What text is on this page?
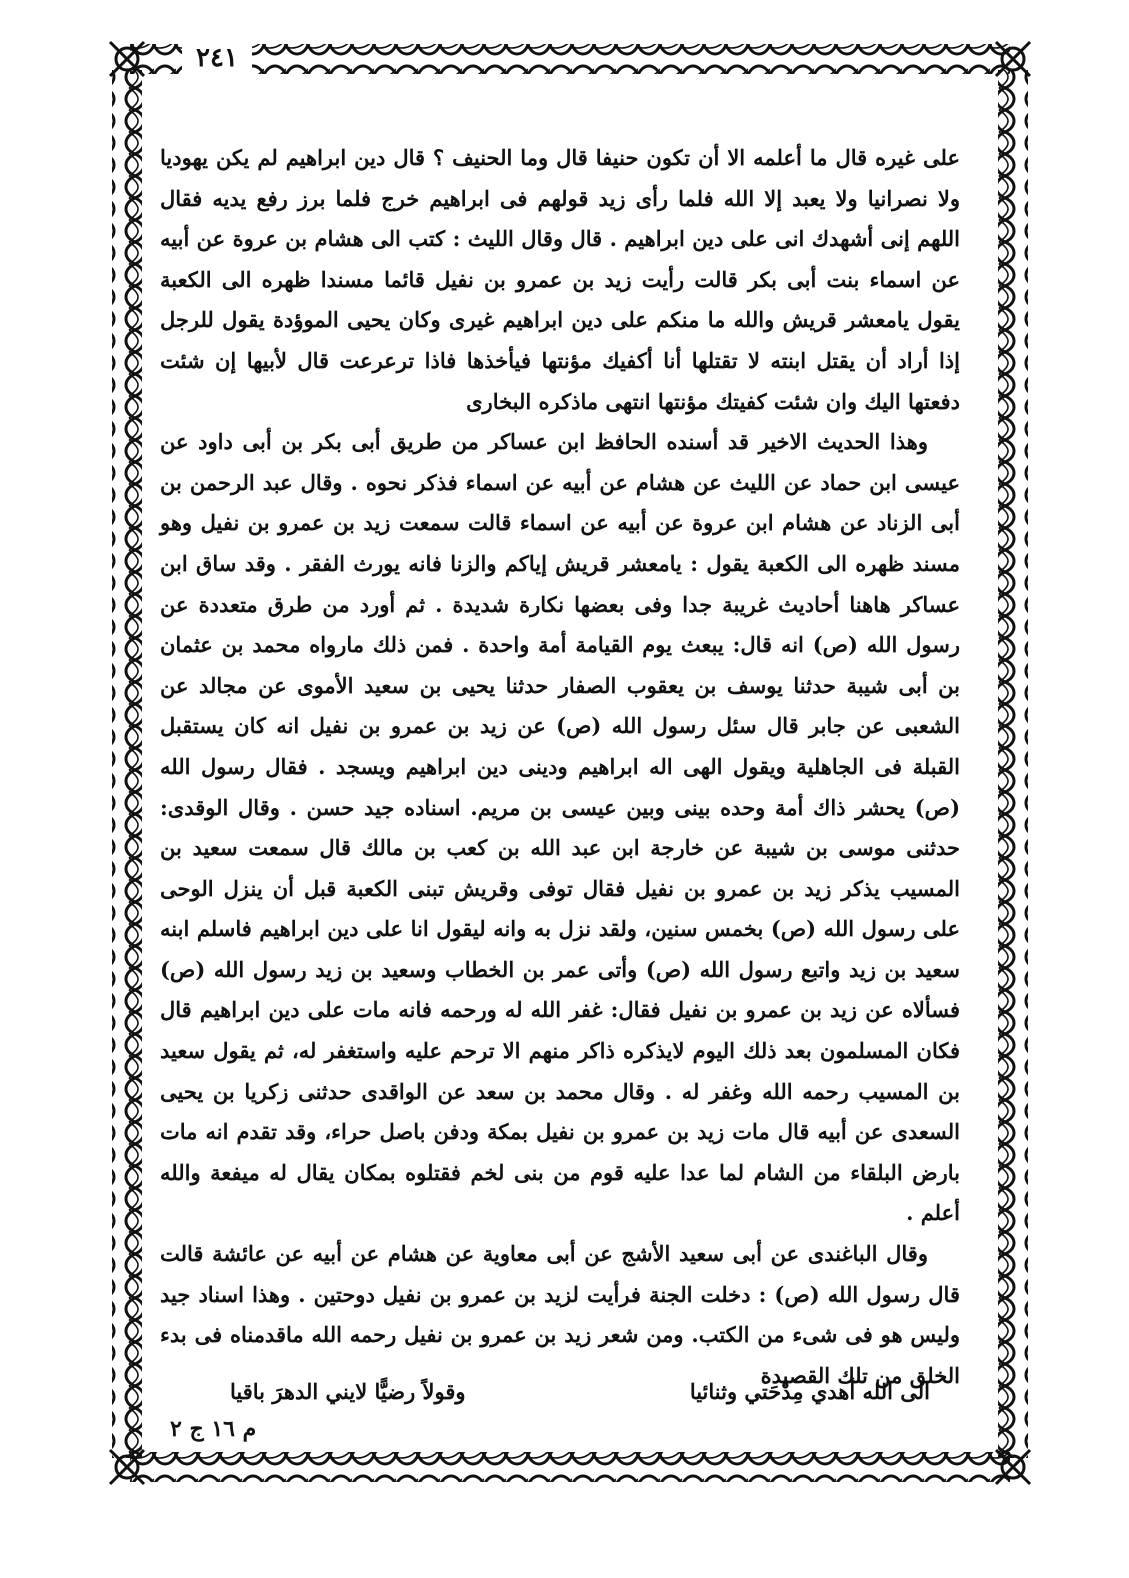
٢٤١

على غيره قال ما أعلمه الا أن تكون حنيفا قال وما الحنيف ؟ قال دين ابراهيم لم يكن يهوديا ولا نصرانيا ولا يعبد إلا الله فلما رأى زيد قولهم فى ابراهيم خرج فلما برز رفع يديه فقال اللهم إنى أشهدك انى على دين ابراهيم . قال وقال الليث : كتب الى هشام بن عروة عن أبيه عن اسماء بنت أبى بكر قالت رأيت زيد بن عمرو بن نفيل قائما مسندا ظهره الى الكعبة يقول يامعشر قريش والله ما منكم على دين ابراهيم غيرى وكان يحيى الموؤدة يقول للرجل إذا أراد أن يقتل ابنته لا تقتلها أنا أكفيك مؤنتها فيأخذها فاذا ترعرعت قال لأبيها إن شئت دفعتها اليك وان شئت كفيتك مؤنتها انتهى ماذكره البخارى

وهذا الحديث الاخير قد أسنده الحافظ ابن عساكر من طريق أبى بكر بن أبى داود عن عيسى ابن حماد عن الليث عن هشام عن أبيه عن اسماء فذكر نحوه . وقال عبد الرحمن بن أبى الزناد عن هشام ابن عروة عن أبيه عن اسماء قالت سمعت زيد بن عمرو بن نفيل وهو مسند ظهره الى الكعبة يقول : يامعشر قريش إياكم والزنا فانه يورث الفقر . وقد ساق ابن عساكر هاهنا أحاديث غريبة جدا وفى بعضها نكارة شديدة . ثم أورد من طرق متعددة عن رسول الله (ص) انه قال: يبعث يوم القيامة أمة واحدة . فمن ذلك مارواه محمد بن عثمان بن أبى شيبة حدثنا يوسف بن يعقوب الصفار حدثنا يحيى بن سعيد الأموى عن مجالد عن الشعبى عن جابر قال سئل رسول الله (ص) عن زيد بن عمرو بن نفيل انه كان يستقبل القبلة فى الجاهلية ويقول الهى اله ابراهيم ودينى دين ابراهيم ويسجد . فقال رسول الله (ص) يحشر ذاك أمة وحده بينى وبين عيسى بن مريم. اسناده جيد حسن . وقال الوقدى: حدثنى موسى بن شيبة عن خارجة ابن عبد الله بن كعب بن مالك قال سمعت سعيد بن المسيب يذكر زيد بن عمرو بن نفيل فقال توفى وقريش تبنى الكعبة قبل أن ينزل الوحى على رسول الله (ص) بخمس سنين، ولقد نزل به وانه ليقول انا على دين ابراهيم فاسلم ابنه سعيد بن زيد واتبع رسول الله (ص) وأتى عمر بن الخطاب وسعيد بن زيد رسول الله (ص) فسألاه عن زيد بن عمرو بن نفيل فقال: غفر الله له ورحمه فانه مات على دين ابراهيم قال فكان المسلمون بعد ذلك اليوم لايذكره ذاكر منهم الا ترحم عليه واستغفر له، ثم يقول سعيد بن المسيب رحمه الله وغفر له . وقال محمد بن سعد عن الواقدى حدثنى زكريا بن يحيى السعدى عن أبيه قال مات زيد بن عمرو بن نفيل بمكة ودفن باصل حراء، وقد تقدم انه مات بارض البلقاء من الشام لما عدا عليه قوم من بنى لخم فقتلوه بمكان يقال له ميفعة والله أعلم .

وقال الباغندى عن أبى سعيد الأشج عن أبى معاوية عن هشام عن أبيه عن عائشة قالت قال رسول الله (ص) : دخلت الجنة فرأيت لزيد بن عمرو بن نفيل دوحتين . وهذا اسناد جيد وليس هو فى شىء من الكتب. ومن شعر زيد بن عمرو بن نفيل رحمه الله ماقدمناه فى بدء الخلق من تلك القصيدة

الى الله أهدي مِدْحَتي وثنائيا
وقولاً رضيًّا لايني الدهرَ باقيا
م ١٦ ج ٢
